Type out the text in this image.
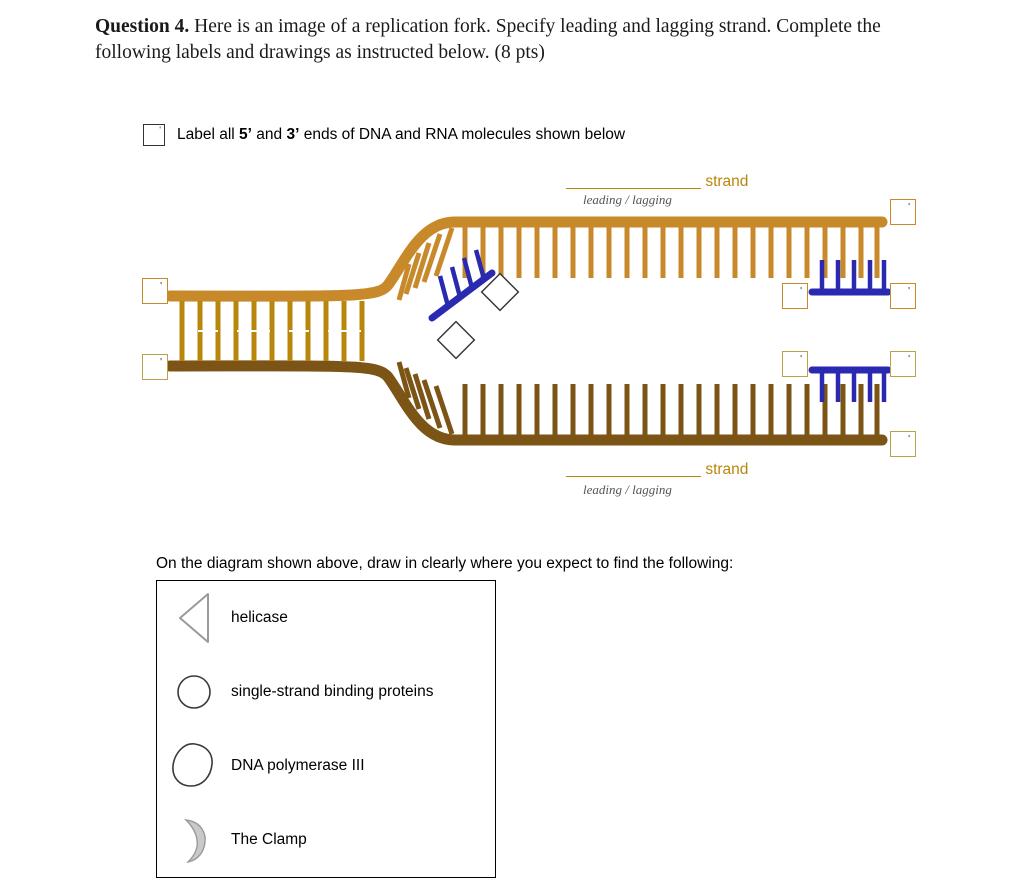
Question 4. Here is an image of a replication fork. Specify leading and lagging strand. Complete the following labels and drawings as instructed below. (8 pts)
' Label all 5’ and 3’ ends of DNA and RNA molecules shown below
strand
leading / lagging
strand
leading / lagging
'
'
'
'	'
'	'
'
On the diagram shown above, draw in clearly where you expect to find the following:
helicase
single-strand binding proteins
DNA polymerase III
The Clamp
